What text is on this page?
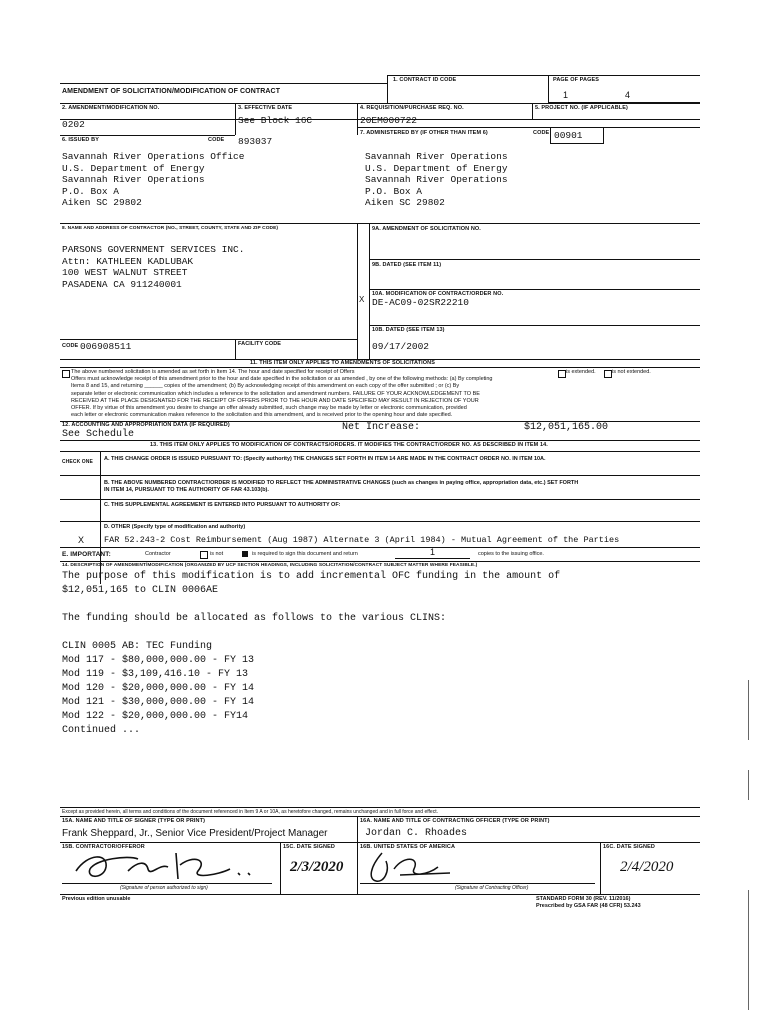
AMENDMENT OF SOLICITATION/MODIFICATION OF CONTRACT
1. CONTRACT ID CODE	PAGE OF PAGES
1	4
2. AMENDMENT/MODIFICATION NO.
0202
3. EFFECTIVE DATE
See Block 16C
4. REQUISITION/PURCHASE REQ. NO.
20EM000722
5. PROJECT NO. (IF APPLICABLE)
6. ISSUED BY	CODE 893037
7. ADMINISTERED BY (IF OTHER THAN ITEM 6)	CODE 00901
Savannah River Operations Office
U.S. Department of Energy
Savannah River Operations
P.O. Box A
Aiken SC 29802
Savannah River Operations
U.S. Department of Energy
Savannah River Operations
P.O. Box A
Aiken SC 29802
8. NAME AND ADDRESS OF CONTRACTOR (NO., STREET, COUNTY, STATE AND ZIP CODE)
PARSONS GOVERNMENT SERVICES INC.
Attn: KATHLEEN KADLUBAK
100 WEST WALNUT STREET
PASADENA CA 911240001
9A. AMENDMENT OF SOLICITATION NO.
9B. DATED (SEE ITEM 11)
X
10A. MODIFICATION OF CONTRACT/ORDER NO.
DE-AC09-02SR22210
10B. DATED (SEE ITEM 13)
09/17/2002
CODE 006908511	FACILITY CODE
11. THIS ITEM ONLY APPLIES TO AMENDMENTS OF SOLICITATIONS
The above numbered solicitation is amended as set forth in Item 14. The hour and date specified for receipt of Offers
Offers must acknowledge receipt of this amendment prior to the hour and date specified in the solicitation or as amended , by one of the following methods: (a) By completing
Items 8 and 15, and returning ______ copies of the amendment; (b) By acknowledging receipt of this amendment on each copy of the offer submitted ; or (c) By
separate letter or electronic communication which includes a reference to the solicitation and amendment numbers. FAILURE OF YOUR ACKNOWLEDGEMENT TO BE
RECEIVED AT THE PLACE DESIGNATED FOR THE RECEIPT OF OFFERS PRIOR TO THE HOUR AND DATE SPECIFIED MAY RESULT IN REJECTION OF YOUR
OFFER. If by virtue of this amendment you desire to change an offer already submitted, such change may be made by letter or electronic communication, provided
each letter or electronic communication makes reference to the solicitation and this amendment, and is received prior to the opening hour and date specified.
is extended.	is not extended.
12. ACCOUNTING AND APPROPRIATION DATA (IF REQUIRED)
See Schedule
Net Increase:	$12,051,165.00
13. THIS ITEM ONLY APPLIES TO MODIFICATION OF CONTRACTS/ORDERS. IT MODIFIES THE CONTRACT/ORDER NO. AS DESCRIBED IN ITEM 14.
CHECK ONE A. THIS CHANGE ORDER IS ISSUED PURSUANT TO: (Specify authority) THE CHANGES SET FORTH IN ITEM 14 ARE MADE IN THE CONTRACT ORDER NO. IN ITEM 10A.
B. THE ABOVE NUMBERED CONTRACT/ORDER IS MODIFIED TO REFLECT THE ADMINISTRATIVE CHANGES (such as changes in paying office, appropriation data, etc.) SET FORTH IN ITEM 14, PURSUANT TO THE AUTHORITY OF FAR 43.103(b).
C. THIS SUPPLEMENTAL AGREEMENT IS ENTERED INTO PURSUANT TO AUTHORITY OF:
D. OTHER (Specify type of modification and authority)
X FAR 52.243-2 Cost Reimbursement (Aug 1987) Alternate 3 (April 1984) - Mutual Agreement of the Parties
E. IMPORTANT:	Contractor	is not	is required to sign this document and return	1	copies to the issuing office.
14. DESCRIPTION OF AMENDMENT/MODIFICATION (ORGANIZED BY UCF SECTION HEADINGS, INCLUDING SOLICITATION/CONTRACT SUBJECT MATTER WHERE FEASIBLE.)
The purpose of this modification is to add incremental OFC funding in the amount of
$12,051,165 to CLIN 0006AE
The funding should be allocated as follows to the various CLINS:
CLIN 0005 AB: TEC Funding
Mod 117 - $80,000,000.00 - FY 13
Mod 119 - $3,109,416.10 - FY 13
Mod 120 - $20,000,000.00 - FY 14
Mod 121 - $30,000,000.00 - FY 14
Mod 122 - $20,000,000.00 - FY14
Continued ...
Except as provided herein, all terms and conditions of the document referenced in Item 9 A or 10A, as heretofore changed, remains unchanged and in full force and effect.
15A. NAME AND TITLE OF SIGNER (TYPE OR PRINT)
Frank Sheppard, Jr., Senior Vice President/Project Manager
16A. NAME AND TITLE OF CONTRACTING OFFICER (TYPE OR PRINT)
Jordan C. Rhoades
15B. CONTRACTOR/OFFEROR	15C. DATE SIGNED	16B. UNITED STATES OF AMERICA	16C. DATE SIGNED
(Signature of person authorized to sign)
2/3/2020
(Signature of Contracting Officer)
2/4/2020
Previous edition unusable	STANDARD FORM 30 (REV. 11/2016)
Prescribed by GSA FAR (48 CFR) 53.243
